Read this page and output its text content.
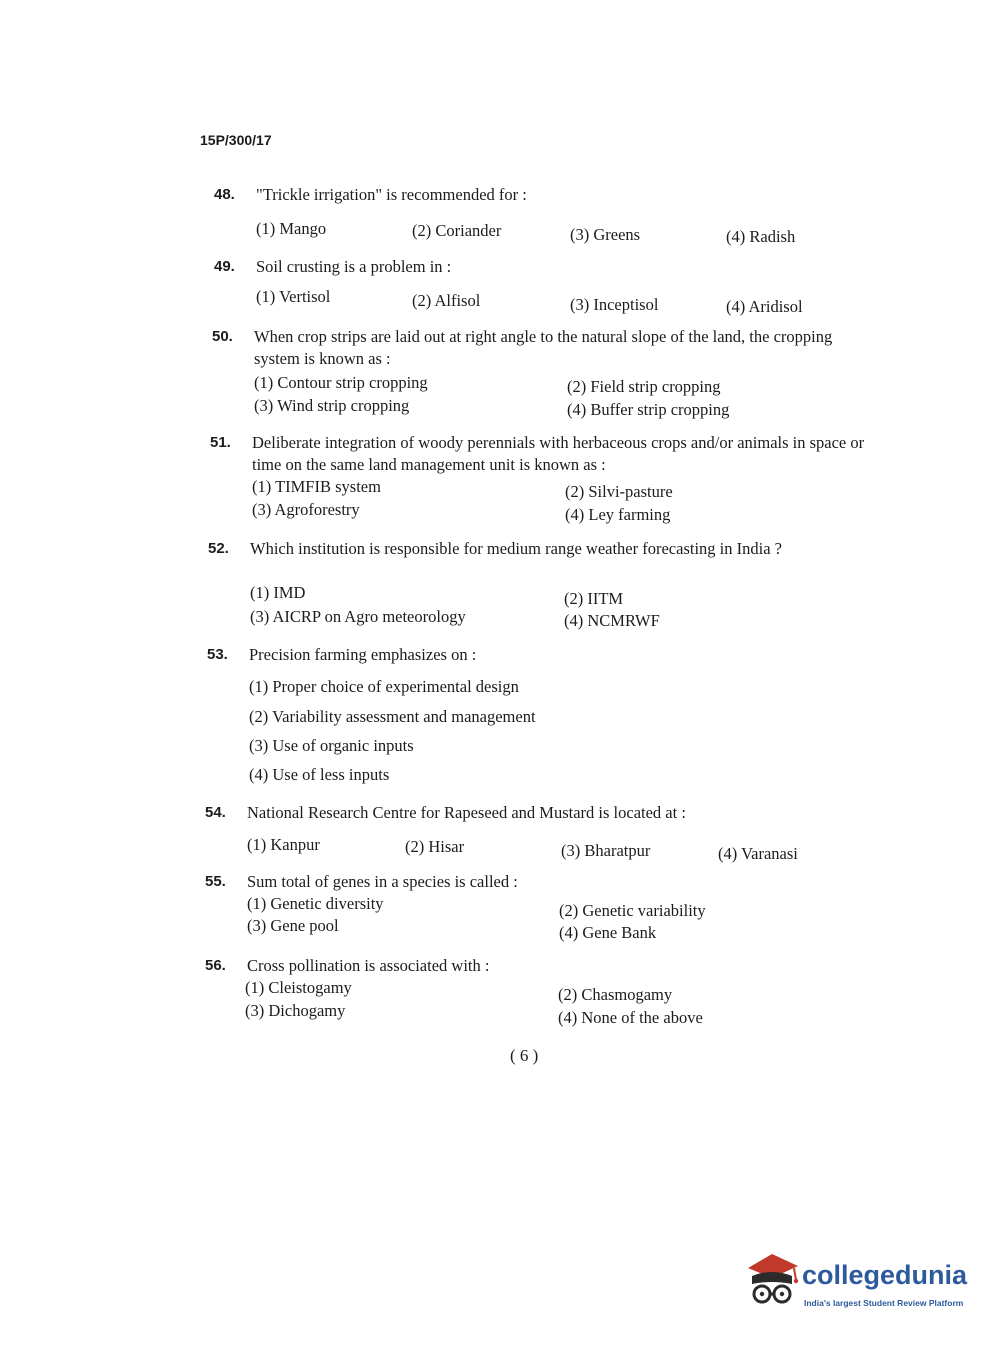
15P/300/17
48. "Trickle irrigation" is recommended for :
(1) Mango	(2) Coriander	(3) Greens	(4) Radish
49. Soil crusting is a problem in :
(1) Vertisol	(2) Alfisol	(3) Inceptisol	(4) Aridisol
50. When crop strips are laid out at right angle to the natural slope of the land, the cropping system is known as :
(1) Contour strip cropping	(2) Field strip cropping
(3) Wind strip cropping	(4) Buffer strip cropping
51. Deliberate integration of woody perennials with herbaceous crops and/or animals in space or time on the same land management unit is known as :
(1) TIMFIB system	(2) Silvi-pasture
(3) Agroforestry	(4) Ley farming
52. Which institution is responsible for medium range weather forecasting in India ?
(1) IMD	(2) IITM
(3) AICRP on Agro meteorology	(4) NCMRWF
53. Precision farming emphasizes on :
(1) Proper choice of experimental design
(2) Variability assessment and management
(3) Use of organic inputs
(4) Use of less inputs
54. National Research Centre for Rapeseed and Mustard is located at :
(1) Kanpur	(2) Hisar	(3) Bharatpur	(4) Varanasi
55. Sum total of genes in a species is called :
(1) Genetic diversity	(2) Genetic variability
(3) Gene pool	(4) Gene Bank
56. Cross pollination is associated with :
(1) Cleistogamy	(2) Chasmogamy
(3) Dichogamy	(4) None of the above
( 6 )
collegedunia
India's largest Student Review Platform
